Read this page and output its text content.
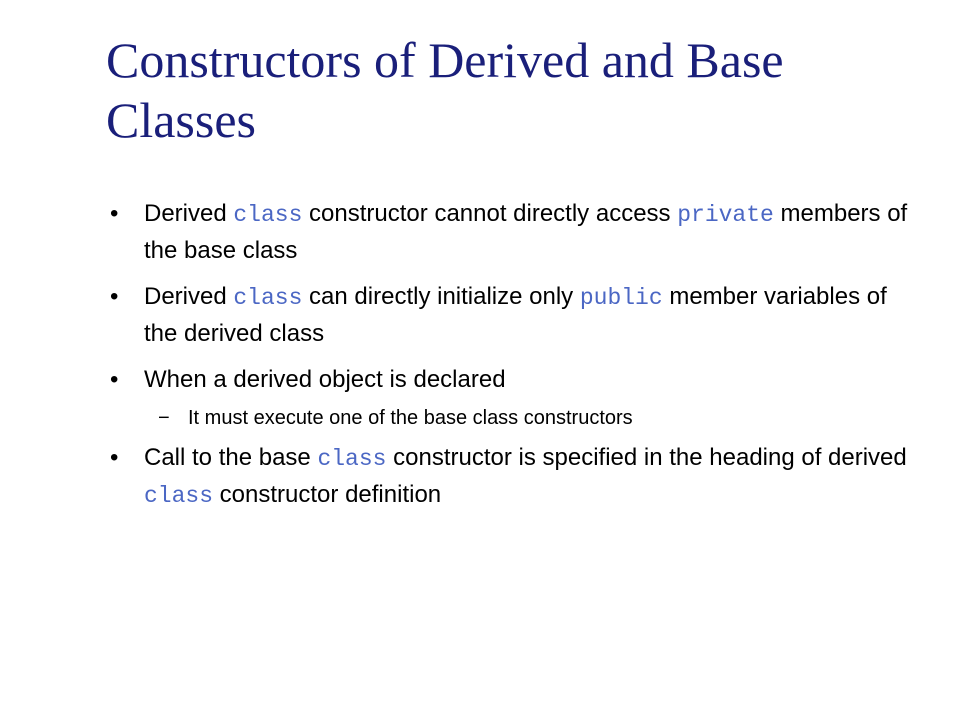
Constructors of Derived and Base Classes
• Derived class constructor cannot directly access private members of the base class
• Derived class can directly initialize only public member variables of the derived class
• When a derived object is declared
− It must execute one of the base class constructors
• Call to the base class constructor is specified in the heading of derived class constructor definition
